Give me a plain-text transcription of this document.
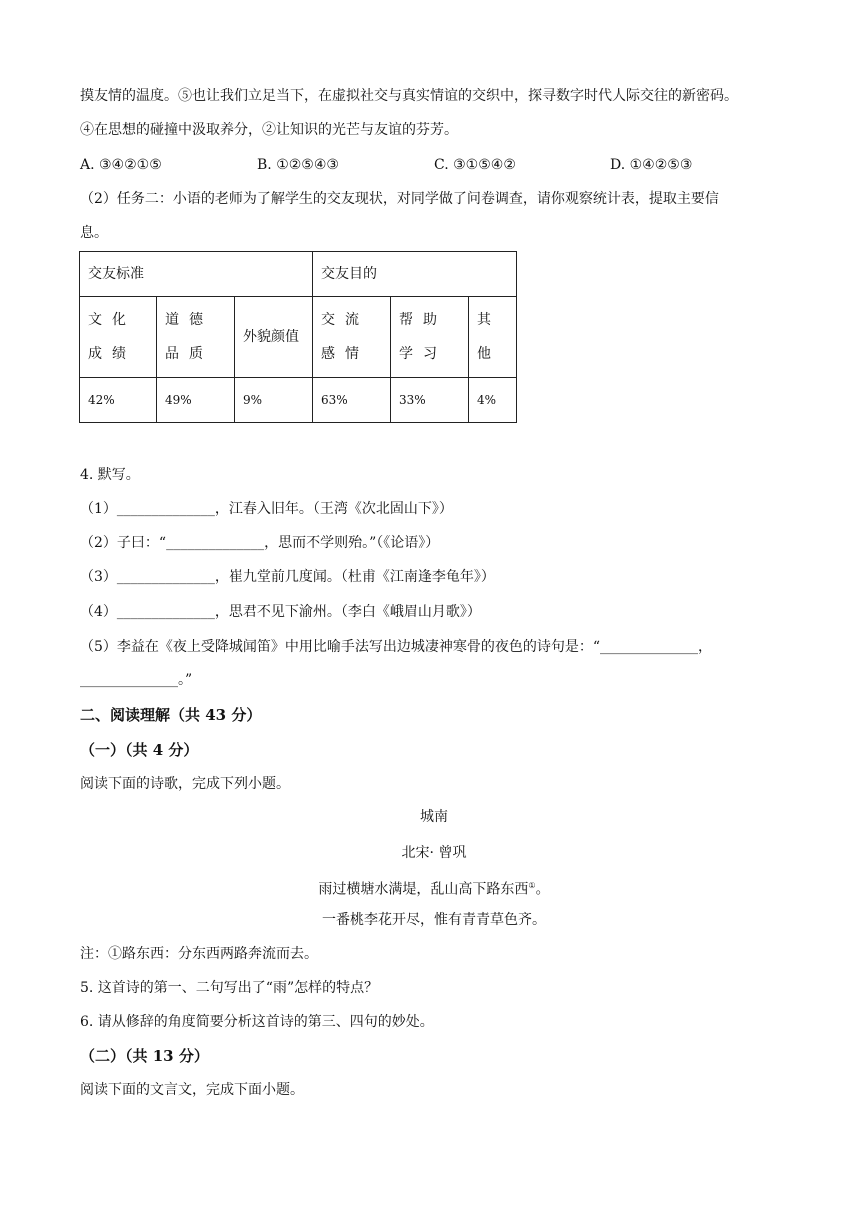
摸友情的温度。⑤也让我们立足当下，在虚拟社交与真实情谊的交织中，探寻数字时代人际交往的新密码。
④在思想的碰撞中汲取养分，②让知识的光芒与友谊的芬芳。
A. ③④②①⑤	B. ①②⑤④③	C. ③①⑤④②	D. ①④②⑤③
（2）任务二：小语的老师为了解学生的交友现状，对同学做了问卷调查，请你观察统计表，提取主要信
息。
交友标准			交友目的		
文化成绩	道德品质	外貌颜值	交流感情	帮助学习	其他
42%	49%	9%	63%	33%	4%
4. 默写。
（1）______________，江春入旧年。（王湾《次北固山下》）
（2）子曰：“______________，思而不学则殆。”（《论语》）
（3）______________，崔九堂前几度闻。（杜甫《江南逢李龟年》）
（4）______________，思君不见下渝州。（李白《峨眉山月歌》）
（5）李益在《夜上受降城闻笛》中用比喻手法写出边城凄神寒骨的夜色的诗句是：“______________，
______________。”
二、阅读理解（共 43 分）
（一）（共 4 分）
阅读下面的诗歌，完成下列小题。
城南
北宋· 曾巩
雨过横塘水满堤，乱山高下路东西①。
一番桃李花开尽，惟有青青草色齐。
注：①路东西：分东西两路奔流而去。
5. 这首诗的第一、二句写出了“雨”怎样的特点？
6. 请从修辞的角度简要分析这首诗的第三、四句的妙处。
（二）（共 13 分）
阅读下面的文言文，完成下面小题。
